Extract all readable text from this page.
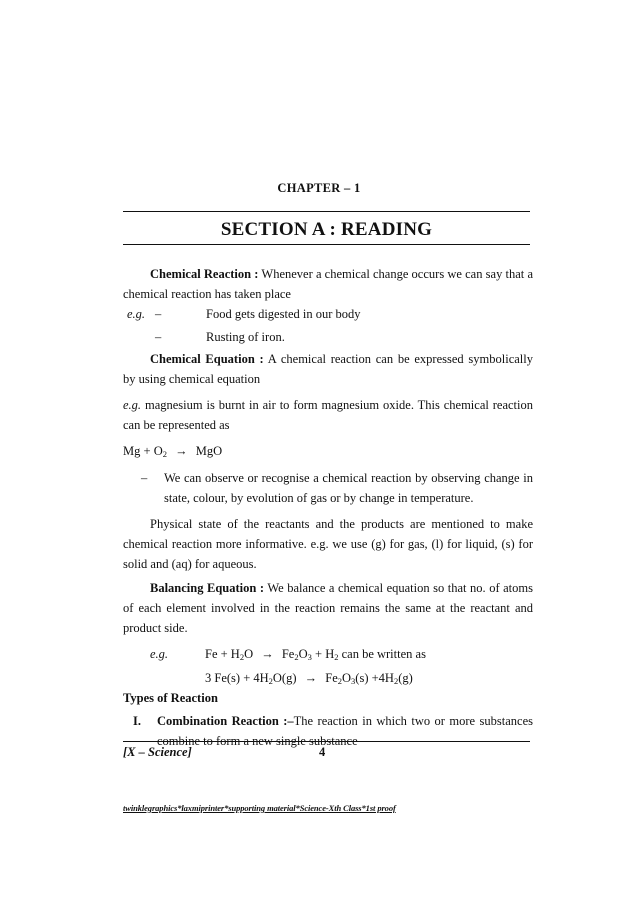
CHAPTER – 1
SECTION A : READING

Chemical Reaction : Whenever a chemical change occurs we can say that a chemical reaction has taken place

e.g. –	Food gets digested in our body
–	Rusting of iron.

Chemical Equation : A chemical reaction can be expressed symbolically by using chemical equation

e.g. magnesium is burnt in air to form magnesium oxide. This chemical reaction can be represented as

$Mg + O_2$ → MgO

–	We can observe or recognise a chemical reaction by observing change in state, colour, by evolution of gas or by change in temperature.

Physical state of the reactants and the products are mentioned to make chemical reaction more informative. e.g. we use (g) for gas, (l) for liquid, (s) for solid and (aq) for aqueous.

Balancing Equation : We balance a chemical equation so that no. of atoms of each element involved in the reaction remains the same at the reactant and product side.

e.g.	$Fe + H_2O \to Fe_2O_3 + H_2$ can be written as
3 $Fe(s) + 4H_2O(g) \to Fe_2O_3(s) +4H_2(g)$

Types of Reaction

I.	Combination Reaction :–The reaction in which two or more substances combine to form a new single substance
[X – Science]	4
twinklegraphics*laxmiprinter*supporting material*Science-Xth Class*1st proof
